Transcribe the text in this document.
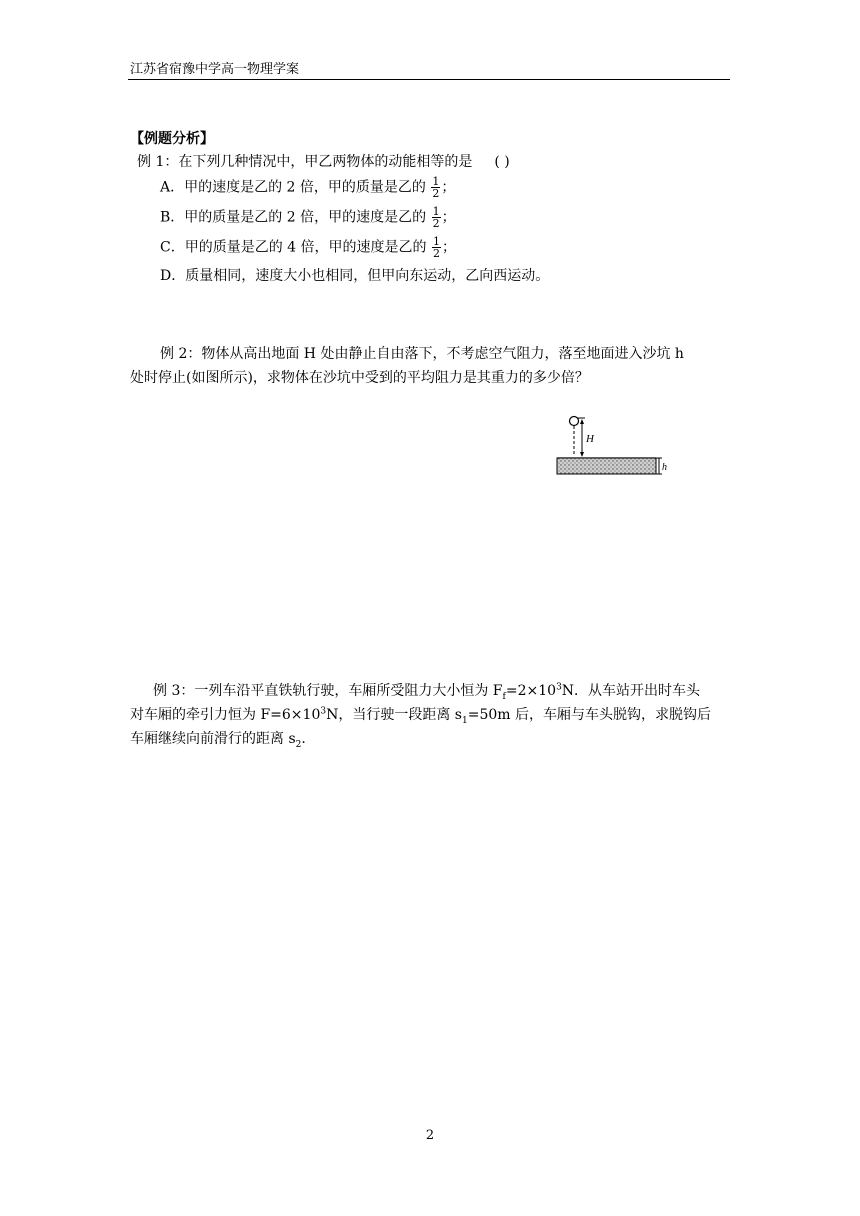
江苏省宿豫中学高一物理学案
【例题分析】
例 1：在下列几种情况中，甲乙两物体的动能相等的是 ( )
A．甲的速度是乙的 2 倍，甲的质量是乙的 $\frac{1}{2}$ ；
B．甲的质量是乙的 2 倍，甲的速度是乙的 $\frac{1}{2}$ ；
C．甲的质量是乙的 4 倍，甲的速度是乙的 $\frac{1}{2}$ ；
D．质量相同，速度大小也相同，但甲向东运动，乙向西运动。
例 2：物体从高出地面 H 处由静止自由落下，不考虑空气阻力，落至地面进入沙坑 h
处时停止(如图所示)，求物体在沙坑中受到的平均阻力是其重力的多少倍？
H
h
例 3：一列车沿平直铁轨行驶，车厢所受阻力大小恒为 $F_f=2\times 10^3N$．从车站开出时车头
对车厢的牵引力恒为 $F=6\times 10^3N$，当行驶一段距离 $s_1=50m$ 后，车厢与车头脱钩，求脱钩后
车厢继续向前滑行的距离 $s_2$.
2
